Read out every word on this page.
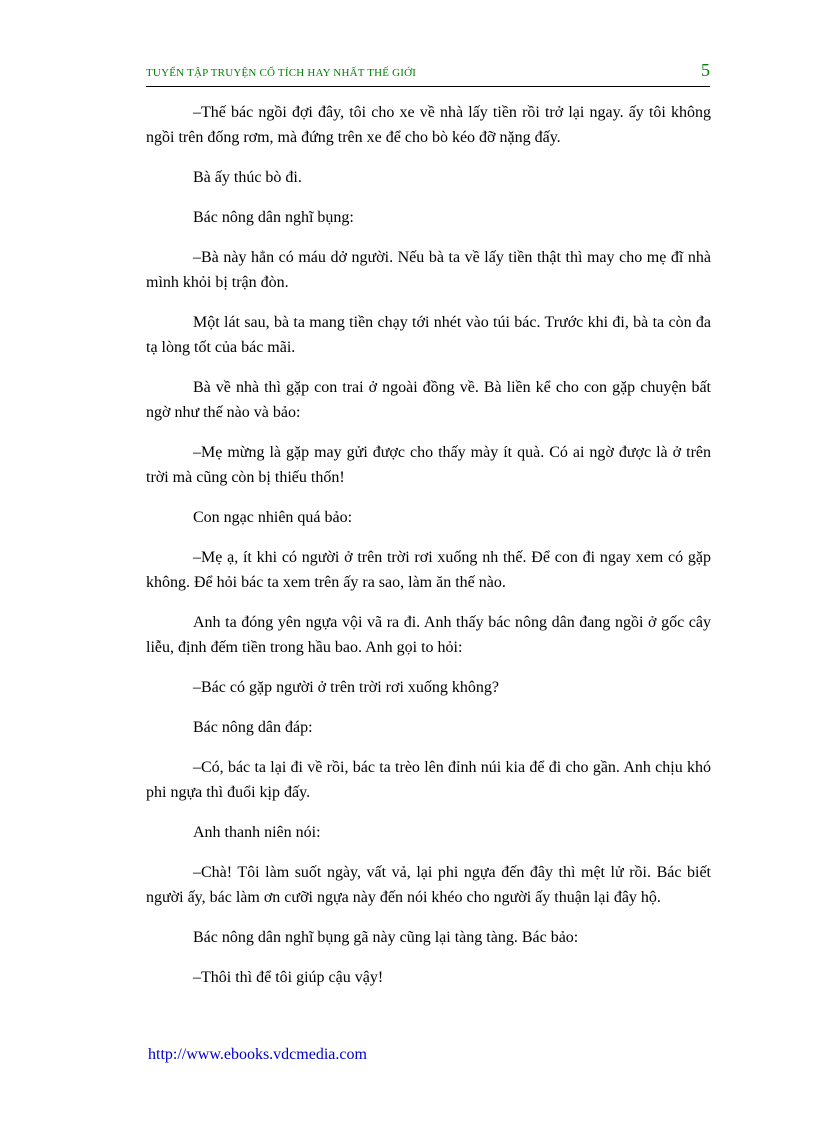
TUYỂN TẬP TRUYỆN CỔ TÍCH HAY NHẤT THẾ GIỚI	5

–Thế bác ngồi đợi đây, tôi cho xe về nhà lấy tiền rồi trở lại ngay. ấy tôi không ngồi trên đống rơm, mà đứng trên xe để cho bò kéo đỡ nặng đấy.

Bà ấy thúc bò đi.

Bác nông dân nghĩ bụng:

–Bà này hẳn có máu dở người. Nếu bà ta về lấy tiền thật thì may cho mẹ đĩ nhà mình khỏi bị trận đòn.

Một lát sau, bà ta mang tiền chạy tới nhét vào túi bác. Trước khi đi, bà ta còn đa tạ lòng tốt của bác mãi.

Bà về nhà thì gặp con trai ở ngoài đồng về. Bà liền kể cho con gặp chuyện bất ngờ như thế nào và bảo:

–Mẹ mừng là gặp may gửi được cho thấy mày ít quà. Có ai ngờ được là ở trên trời mà cũng còn bị thiếu thốn!

Con ngạc nhiên quá bảo:

–Mẹ ạ, ít khi có người ở trên trời rơi xuống nh thế. Để con đi ngay xem có gặp không. Để hỏi bác ta xem trên ấy ra sao, làm ăn thế nào.

Anh ta đóng yên ngựa vội vã ra đi. Anh thấy bác nông dân đang ngồi ở gốc cây liễu, định đếm tiền trong hầu bao. Anh gọi to hỏi:

–Bác có gặp người ở trên trời rơi xuống không?

Bác nông dân đáp:

–Có, bác ta lại đi về rồi, bác ta trèo lên đỉnh núi kia để đi cho gần. Anh chịu khó phi ngựa thì đuổi kịp đấy.

Anh thanh niên nói:

–Chà! Tôi làm suốt ngày, vất vả, lại phi ngựa đến đây thì mệt lử rồi. Bác biết người ấy, bác làm ơn cưỡi ngựa này đến nói khéo cho người ấy thuận lại đây hộ.

Bác nông dân nghĩ bụng gã này cũng lại tàng tàng. Bác bảo:

–Thôi thì để tôi giúp cậu vậy!

http://www.ebooks.vdcmedia.com
